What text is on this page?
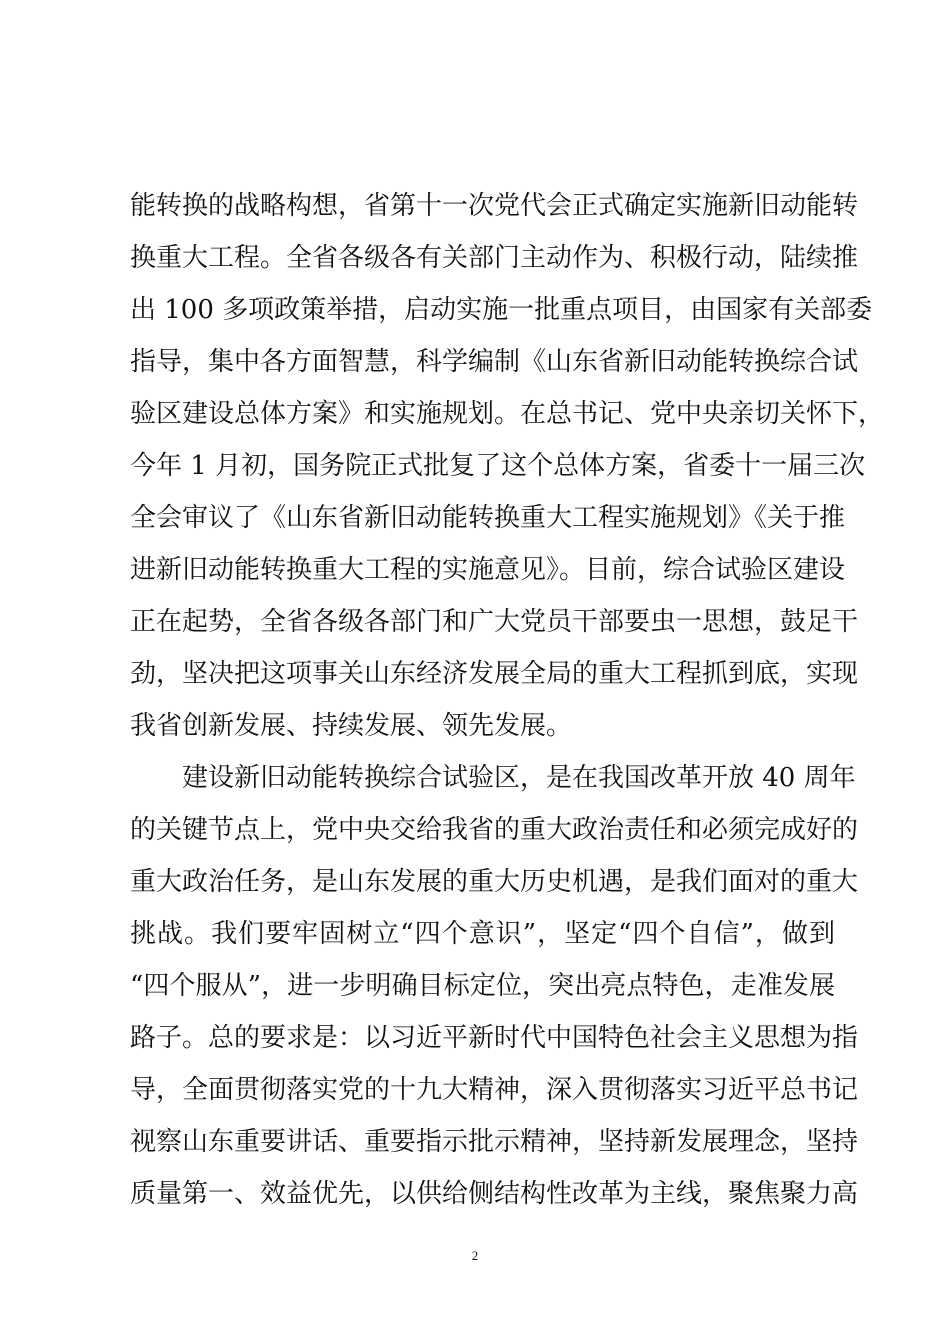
能转换的战略构想，省第十一次党代会正式确定实施新旧动能转
换重大工程。全省各级各有关部门主动作为、积极行动，陆续推
出 100 多项政策举措，启动实施一批重点项目，由国家有关部委
指导，集中各方面智慧，科学编制《山东省新旧动能转换综合试
验区建设总体方案》和实施规划。在总书记、党中央亲切关怀下，
今年 1 月初，国务院正式批复了这个总体方案，省委十一届三次
全会审议了《山东省新旧动能转换重大工程实施规划》《关于推
进新旧动能转换重大工程的实施意见》。目前，综合试验区建设
正在起势，全省各级各部门和广大党员干部要虫一思想，鼓足干
劲，坚决把这项事关山东经济发展全局的重大工程抓到底，实现
我省创新发展、持续发展、领先发展。
建设新旧动能转换综合试验区，是在我国改革开放 40 周年
的关键节点上，党中央交给我省的重大政治责任和必须完成好的
重大政治任务，是山东发展的重大历史机遇，是我们面对的重大
挑战。我们要牢固树立“四个意识”，坚定“四个自信”，做到
“四个服从”，进一步明确目标定位，突出亮点特色，走准发展
路子。总的要求是：以习近平新时代中国特色社会主义思想为指
导，全面贯彻落实党的十九大精神，深入贯彻落实习近平总书记
视察山东重要讲话、重要指示批示精神，坚持新发展理念，坚持
质量第一、效益优先，以供给侧结构性改革为主线，聚焦聚力高
2
